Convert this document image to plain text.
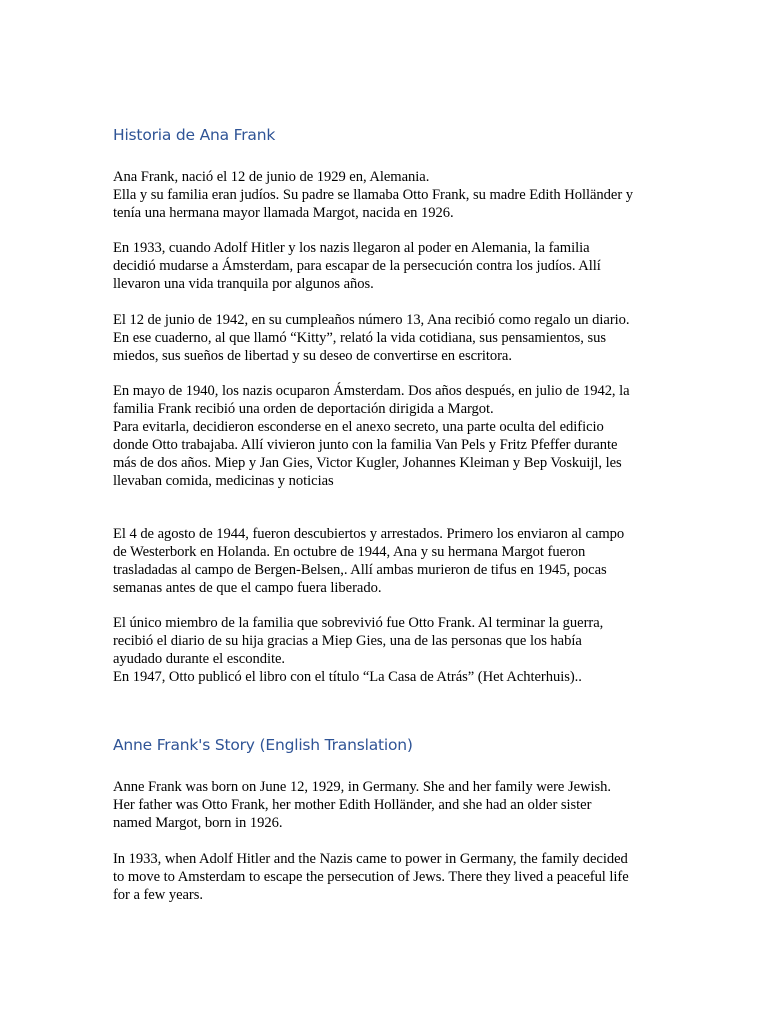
Historia de Ana Frank

Ana Frank, nació el 12 de junio de 1929 en, Alemania.
Ella y su familia eran judíos. Su padre se llamaba Otto Frank, su madre Edith Holländer y
tenía una hermana mayor llamada Margot, nacida en 1926.

En 1933, cuando Adolf Hitler y los nazis llegaron al poder en Alemania, la familia
decidió mudarse a Ámsterdam, para escapar de la persecución contra los judíos. Allí
llevaron una vida tranquila por algunos años.

El 12 de junio de 1942, en su cumpleaños número 13, Ana recibió como regalo un diario.
En ese cuaderno, al que llamó “Kitty”, relató la vida cotidiana, sus pensamientos, sus
miedos, sus sueños de libertad y su deseo de convertirse en escritora.

En mayo de 1940, los nazis ocuparon Ámsterdam. Dos años después, en julio de 1942, la
familia Frank recibió una orden de deportación dirigida a Margot.
Para evitarla, decidieron esconderse en el anexo secreto, una parte oculta del edificio
donde Otto trabajaba. Allí vivieron junto con la familia Van Pels y Fritz Pfeffer durante
más de dos años. Miep y Jan Gies, Victor Kugler, Johannes Kleiman y Bep Voskuijl, les
llevaban comida, medicinas y noticias

El 4 de agosto de 1944, fueron descubiertos y arrestados. Primero los enviaron al campo
de Westerbork en Holanda. En octubre de 1944, Ana y su hermana Margot fueron
trasladadas al campo de Bergen-Belsen,. Allí ambas murieron de tifus en 1945, pocas
semanas antes de que el campo fuera liberado.

El único miembro de la familia que sobrevivió fue Otto Frank. Al terminar la guerra,
recibió el diario de su hija gracias a Miep Gies, una de las personas que los había
ayudado durante el escondite.
En 1947, Otto publicó el libro con el título “La Casa de Atrás” (Het Achterhuis)..

Anne Frank's Story (English Translation)

Anne Frank was born on June 12, 1929, in Germany. She and her family were Jewish.
Her father was Otto Frank, her mother Edith Holländer, and she had an older sister
named Margot, born in 1926.

In 1933, when Adolf Hitler and the Nazis came to power in Germany, the family decided
to move to Amsterdam to escape the persecution of Jews. There they lived a peaceful life
for a few years.
